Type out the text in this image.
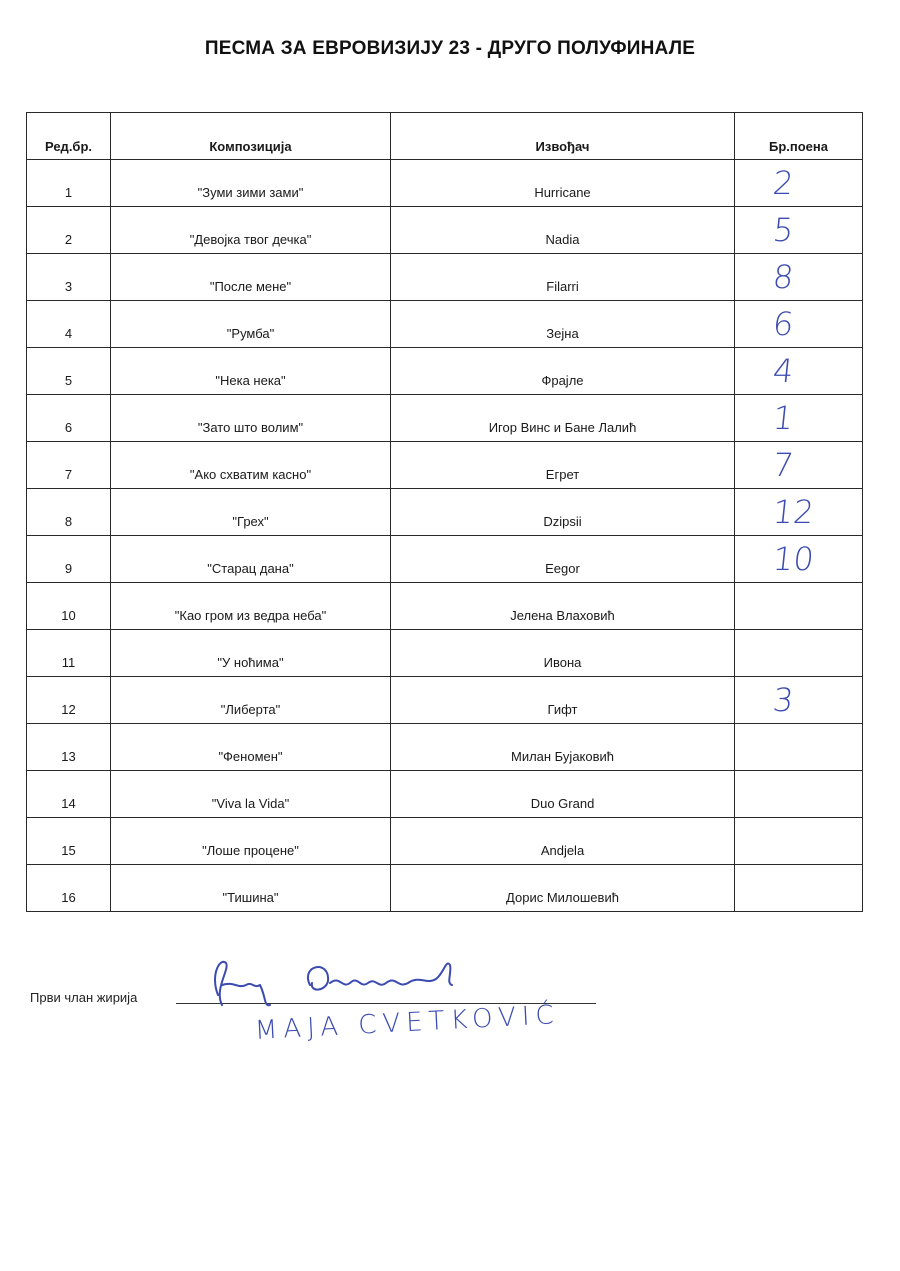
ПЕСМА ЗА ЕВРОВИЗИЈУ 23 - ДРУГО ПОЛУФИНАЛЕ
Ред.бр.	Композиција	Извођач	Бр.поена
1	"Зуми зими зами"	Hurricane	2

2	"Девојка твог дечка"	Nadia	5

3	"После мене"	Filarri	8

4	"Румба"	Зејна	6

5	"Нека нека"	Фрајле	4

6	"Зато што волим"	Игор Винс и Бане Лалић	1

7	"Ако схватим касно"	Егрет	7

8	"Грех"	Dzipsii	12

9	"Старац дана"	Eegor	10

10	"Као гром из ведра неба"	Јелена Влаховић	

11	"У ноћима"	Ивона	

12	"Либерта"	Гифт	3

13	"Феномен"	Милан Бујаковић	

14	"Viva la Vida"	Duo Grand	

15	"Лоше процене"	Andjela	

16	"Тишина"	Дорис Милошевић	
Први члан жирија
MAJA CVETKOVIĆ
